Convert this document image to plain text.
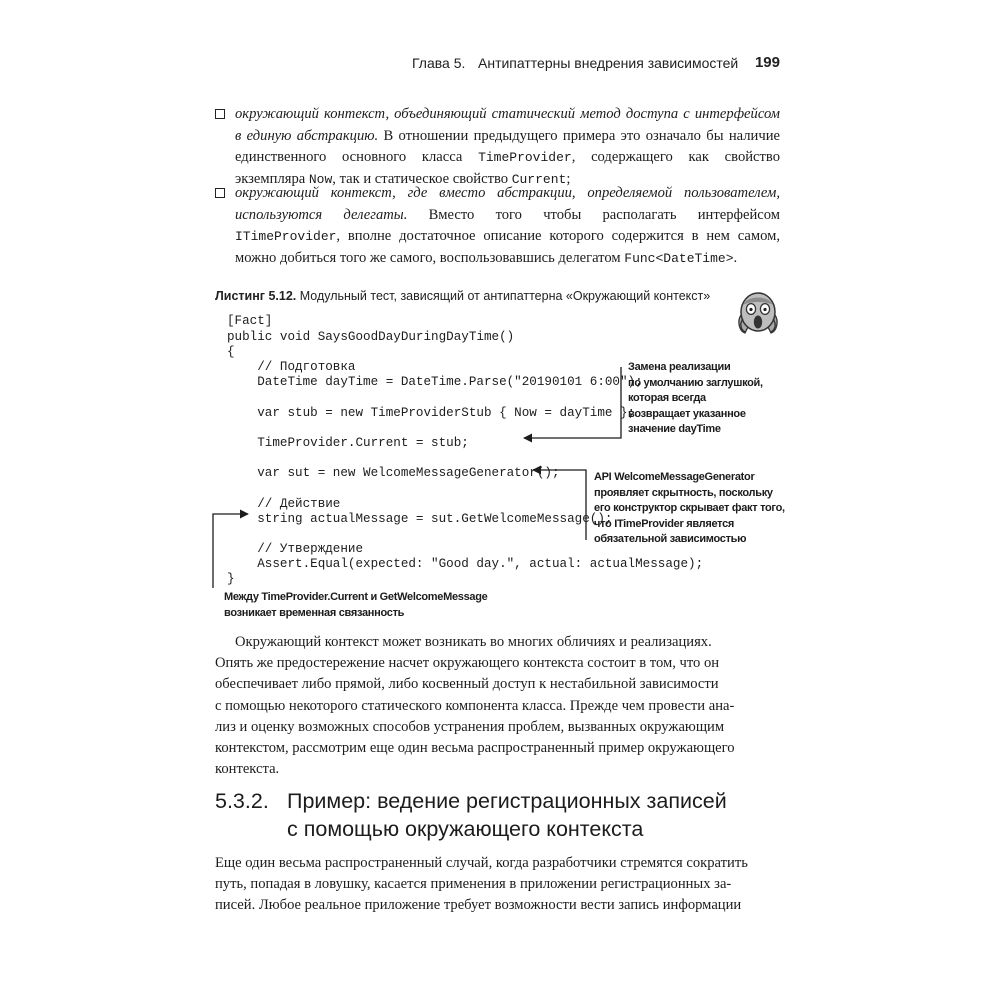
Глава 5. Антипаттерны внедрения зависимостей 199
окружающий контекст, объединяющий статический метод доступа с интерфейсом в единую абстракцию. В отношении предыдущего примера это означало бы наличие единственного основного класса TimeProvider, содержащего как свойство экземпляра Now, так и статическое свойство Current;
окружающий контекст, где вместо абстракции, определяемой пользователем, используются делегаты. Вместо того чтобы располагать интерфейсом ITimeProvider, вполне достаточное описание которого содержится в нем самом, можно добиться того же самого, воспользовавшись делегатом Func<DateTime>.
Листинг 5.12. Модульный тест, зависящий от антипаттерна «Окружающий контекст»
[Fact]
public void SaysGoodDayDuringDayTime()
{
// Подготовка
DateTime dayTime = DateTime.Parse("20190101 6:00");
var stub = new TimeProviderStub { Now = dayTime };
TimeProvider.Current = stub;
var sut = new WelcomeMessageGenerator();
// Действие
string actualMessage = sut.GetWelcomeMessage();
// Утверждение
Assert.Equal(expected: "Good day.", actual: actualMessage);
}
Замена реализации
по умолчанию заглушкой,
которая всегда
возвращает указанное
значение dayTime
API WelcomeMessageGenerator
проявляет скрытность, поскольку
его конструктор скрывает факт того,
что ITimeProvider является
обязательной зависимостью
Между TimeProvider.Current и GetWelcomeMessage
возникает временная связанность
Окружающий контекст может возникать во многих обличиях и реализациях.
Опять же предостережение насчет окружающего контекста состоит в том, что он
обеспечивает либо прямой, либо косвенный доступ к нестабильной зависимости
с помощью некоторого статического компонента класса. Прежде чем провести ана-
лиз и оценку возможных способов устранения проблем, вызванных окружающим
контекстом, рассмотрим еще один весьма распространенный пример окружающего
контекста.
5.3.2. Пример: ведение регистрационных записей
с помощью окружающего контекста
Еще один весьма распространенный случай, когда разработчики стремятся сократить
путь, попадая в ловушку, касается применения в приложении регистрационных за-
писей. Любое реальное приложение требует возможности вести запись информации
